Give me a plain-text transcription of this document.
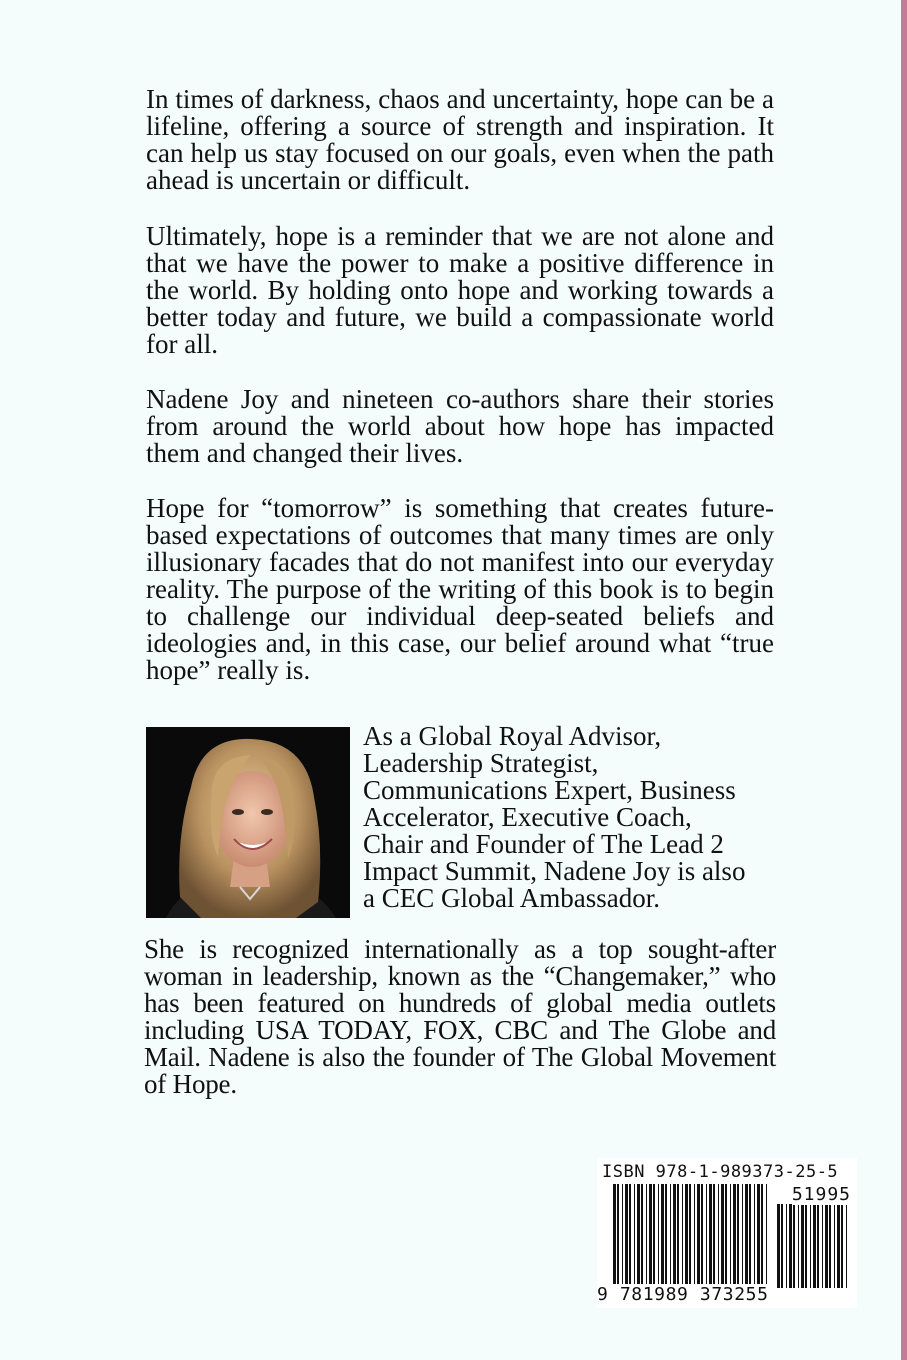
In times of darkness, chaos and uncertainty, hope can be a lifeline, offering a source of strength and inspiration. It can help us stay focused on our goals, even when the path ahead is uncertain or difficult.

Ultimately, hope is a reminder that we are not alone and that we have the power to make a positive difference in the world. By holding onto hope and working towards a better today and future, we build a compassionate world for all.

Nadene Joy and nineteen co-authors share their stories from around the world about how hope has impacted them and changed their lives.

Hope for “tomorrow” is something that creates future-based expectations of outcomes that many times are only illusionary facades that do not manifest into our everyday reality. The purpose of the writing of this book is to begin to challenge our individual deep-seated beliefs and ideologies and, in this case, our belief around what “true hope” really is.

As a Global Royal Advisor,
Leadership Strategist,
Communications Expert, Business
Accelerator, Executive Coach,
Chair and Founder of The Lead 2
Impact Summit, Nadene Joy is also
a CEC Global Ambassador.

She is recognized internationally as a top sought-after woman in leadership, known as the “Changemaker,” who has been featured on hundreds of global media outlets including USA TODAY, FOX, CBC and The Globe and Mail. Nadene is also the founder of The Global Movement of Hope.

ISBN 978-1-989373-25-5
51995
9 781989 373255
